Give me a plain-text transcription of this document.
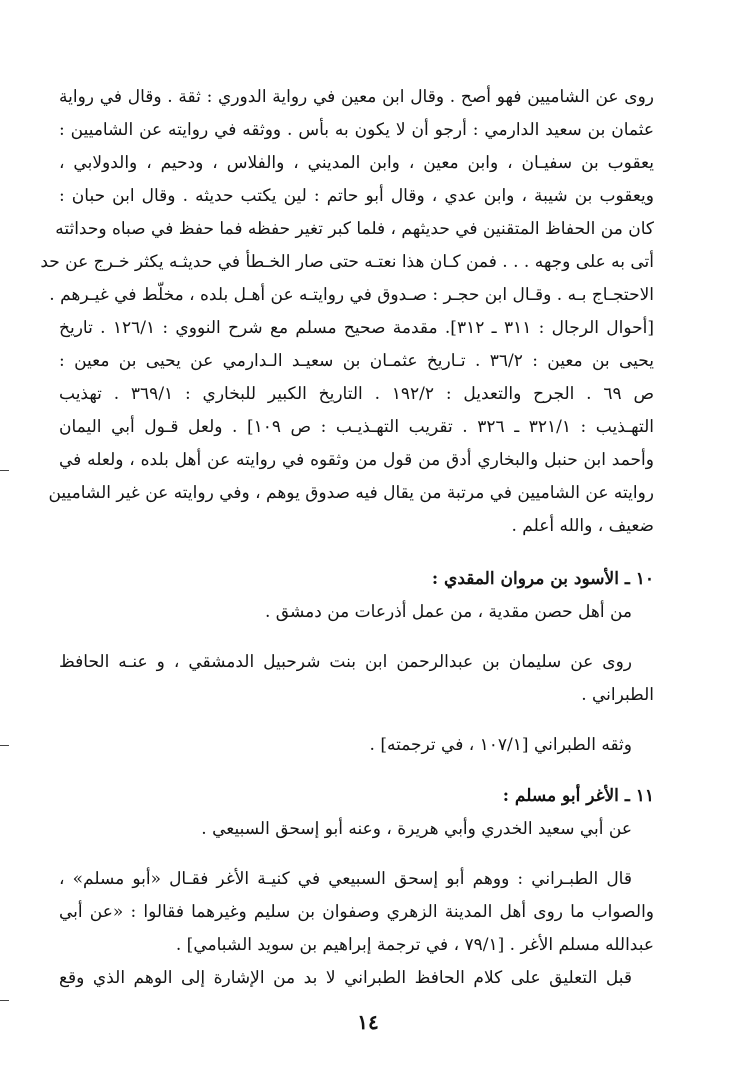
روى عن الشاميين فهو أصح . وقال ابن معين في رواية الدوري : ثقة . وقال في رواية
عثمان بن سعيد الدارمي : أرجو أن لا يكون به بأس . ووثقه في روايته عن الشاميين :
يعقوب بن سفيـان ، وابن معين ، وابن المديني ، والفلاس ، ودحيم ، والدولابي ،
ويعقوب بن شيبة ، وابن عدي ، وقال أبو حاتم : لين يكتب حديثه . وقال ابن حبان :
كان من الحفاظ المتقنين في حديثهم ، فلما كبر تغير حفظه فما حفظ في صباه وحداثته
أتى به على وجهه . . . فمن كـان هذا نعتـه حتى صار الخـطأ في حديثـه يكثر خـرج عن حد
الاحتجـاج بـه . وقـال ابن حجـر : صـدوق في روايتـه عن أهـل بلده ، مخلّط في غيـرهم .
[أحوال الرجال : ٣١١ ـ ٣١٢]. مقدمة صحيح مسلم مع شرح النووي : ١٢٦/١ . تاريخ
يحيى بن معين : ٣٦/٢ . تـاريخ عثمـان بن سعيـد الـدارمي عن يحيى بن معين :
ص ٦٩ . الجرح والتعديل : ١٩٢/٢ . التاريخ الكبير للبخاري : ٣٦٩/١ . تهذيب
التهـذيب : ٣٢١/١ ـ ٣٢٦ . تقريب التهـذيـب : ص ١٠٩] . ولعل قـول أبي اليمان
وأحمد ابن حنبل والبخاري أدق من قول من وثقوه في روايته عن أهل بلده ، ولعله في
روايته عن الشاميين في مرتبة من يقال فيه صدوق يوهم ، وفي روايته عن غير الشاميين
ضعيف ، والله أعلم .
١٠ ـ الأسود بن مروان المقدي :
من أهل حصن مقدية ، من عمل أذرعات من دمشق .
روى عن سليمان بن عبدالرحمن ابن بنت شرحبيل الدمشقي ، و عنـه الحافظ
الطبراني .
وثقه الطبراني [١٠٧/١ ، في ترجمته] .
١١ ـ الأغر أبو مسلم :
عن أبي سعيد الخدري وأبي هريرة ، وعنه أبو إسحق السبيعي .
قال الطبـراني : ووهم أبو إسحق السبيعي في كنيـة الأغر فقـال «أبو مسلم» ،
والصواب ما روى أهل المدينة الزهري وصفوان بن سليم وغيرهما فقالوا : «عن أبي
عبدالله مسلم الأغر . [٧٩/١ ، في ترجمة إبراهيم بن سويد الشبامي] .
قبل التعليق على كلام الحافظ الطبراني لا بد من الإشارة إلى الوهم الذي وقع
١٤
